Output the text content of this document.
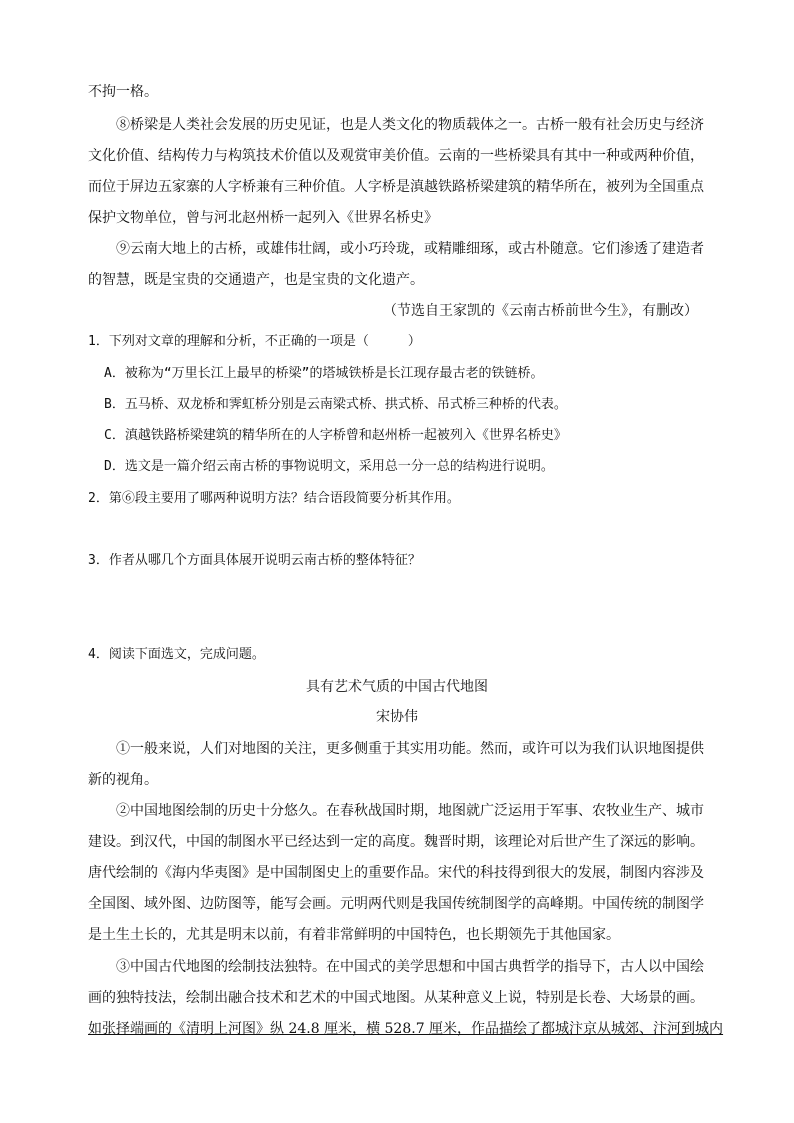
不拘一格。
⑧桥梁是人类社会发展的历史见证，也是人类文化的物质载体之一。古桥一般有社会历史与经济
文化价值、结构传力与构筑技术价值以及观赏审美价值。云南的一些桥梁具有其中一种或两种价值，
而位于屏边五家寨的人字桥兼有三种价值。人字桥是滇越铁路桥梁建筑的精华所在，被列为全国重点
保护文物单位，曾与河北赵州桥一起列入《世界名桥史》
⑨云南大地上的古桥，或雄伟壮阔，或小巧玲珑，或精雕细琢，或古朴随意。它们渗透了建造者
的智慧，既是宝贵的交通遗产，也是宝贵的文化遗产。
（节选自王家凯的《云南古桥前世今生》，有删改）
1．下列对文章的理解和分析，不正确的一项是（　　　）
A．被称为“万里长江上最早的桥梁”的塔城铁桥是长江现存最古老的铁链桥。
B．五马桥、双龙桥和霁虹桥分别是云南梁式桥、拱式桥、吊式桥三种桥的代表。
C．滇越铁路桥梁建筑的精华所在的人字桥曾和赵州桥一起被列入《世界名桥史》
D．选文是一篇介绍云南古桥的事物说明文，采用总一分一总的结构进行说明。
2．第⑥段主要用了哪两种说明方法？结合语段简要分析其作用。
3．作者从哪几个方面具体展开说明云南古桥的整体特征？
4．阅读下面选文，完成问题。
具有艺术气质的中国古代地图
宋协伟
①一般来说，人们对地图的关注，更多侧重于其实用功能。然而，或许可以为我们认识地图提供
新的视角。
②中国地图绘制的历史十分悠久。在春秋战国时期，地图就广泛运用于军事、农牧业生产、城市
建设。到汉代，中国的制图水平已经达到一定的高度。魏晋时期，该理论对后世产生了深远的影响。
唐代绘制的《海内华夷图》是中国制图史上的重要作品。宋代的科技得到很大的发展，制图内容涉及
全国图、域外图、边防图等，能写会画。元明两代则是我国传统制图学的高峰期。中国传统的制图学
是土生土长的，尤其是明末以前，有着非常鲜明的中国特色，也长期领先于其他国家。
③中国古代地图的绘制技法独特。在中国式的美学思想和中国古典哲学的指导下，古人以中国绘
画的独特技法，绘制出融合技术和艺术的中国式地图。从某种意义上说，特别是长卷、大场景的画。
如张择端画的《清明上河图》纵 24.8 厘米，横 528.7 厘米，作品描绘了都城汴京从城郊、汴河到城内
